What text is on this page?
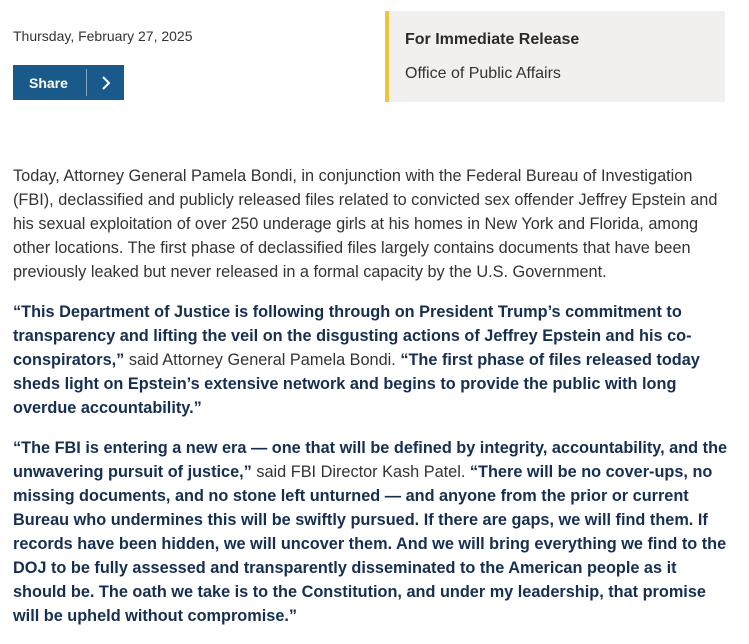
Thursday, February 27, 2025
Share
For Immediate Release
Office of Public Affairs

Today, Attorney General Pamela Bondi, in conjunction with the Federal Bureau of Investigation (FBI), declassified and publicly released files related to convicted sex offender Jeffrey Epstein and his sexual exploitation of over 250 underage girls at his homes in New York and Florida, among other locations. The first phase of declassified files largely contains documents that have been previously leaked but never released in a formal capacity by the U.S. Government.

“This Department of Justice is following through on President Trump’s commitment to transparency and lifting the veil on the disgusting actions of Jeffrey Epstein and his co-conspirators,” said Attorney General Pamela Bondi. “The first phase of files released today sheds light on Epstein’s extensive network and begins to provide the public with long overdue accountability.”

“The FBI is entering a new era — one that will be defined by integrity, accountability, and the unwavering pursuit of justice,” said FBI Director Kash Patel. “There will be no cover-ups, no missing documents, and no stone left unturned — and anyone from the prior or current Bureau who undermines this will be swiftly pursued. If there are gaps, we will find them. If records have been hidden, we will uncover them. And we will bring everything we find to the DOJ to be fully assessed and transparently disseminated to the American people as it should be. The oath we take is to the Constitution, and under my leadership, that promise will be upheld without compromise.”
